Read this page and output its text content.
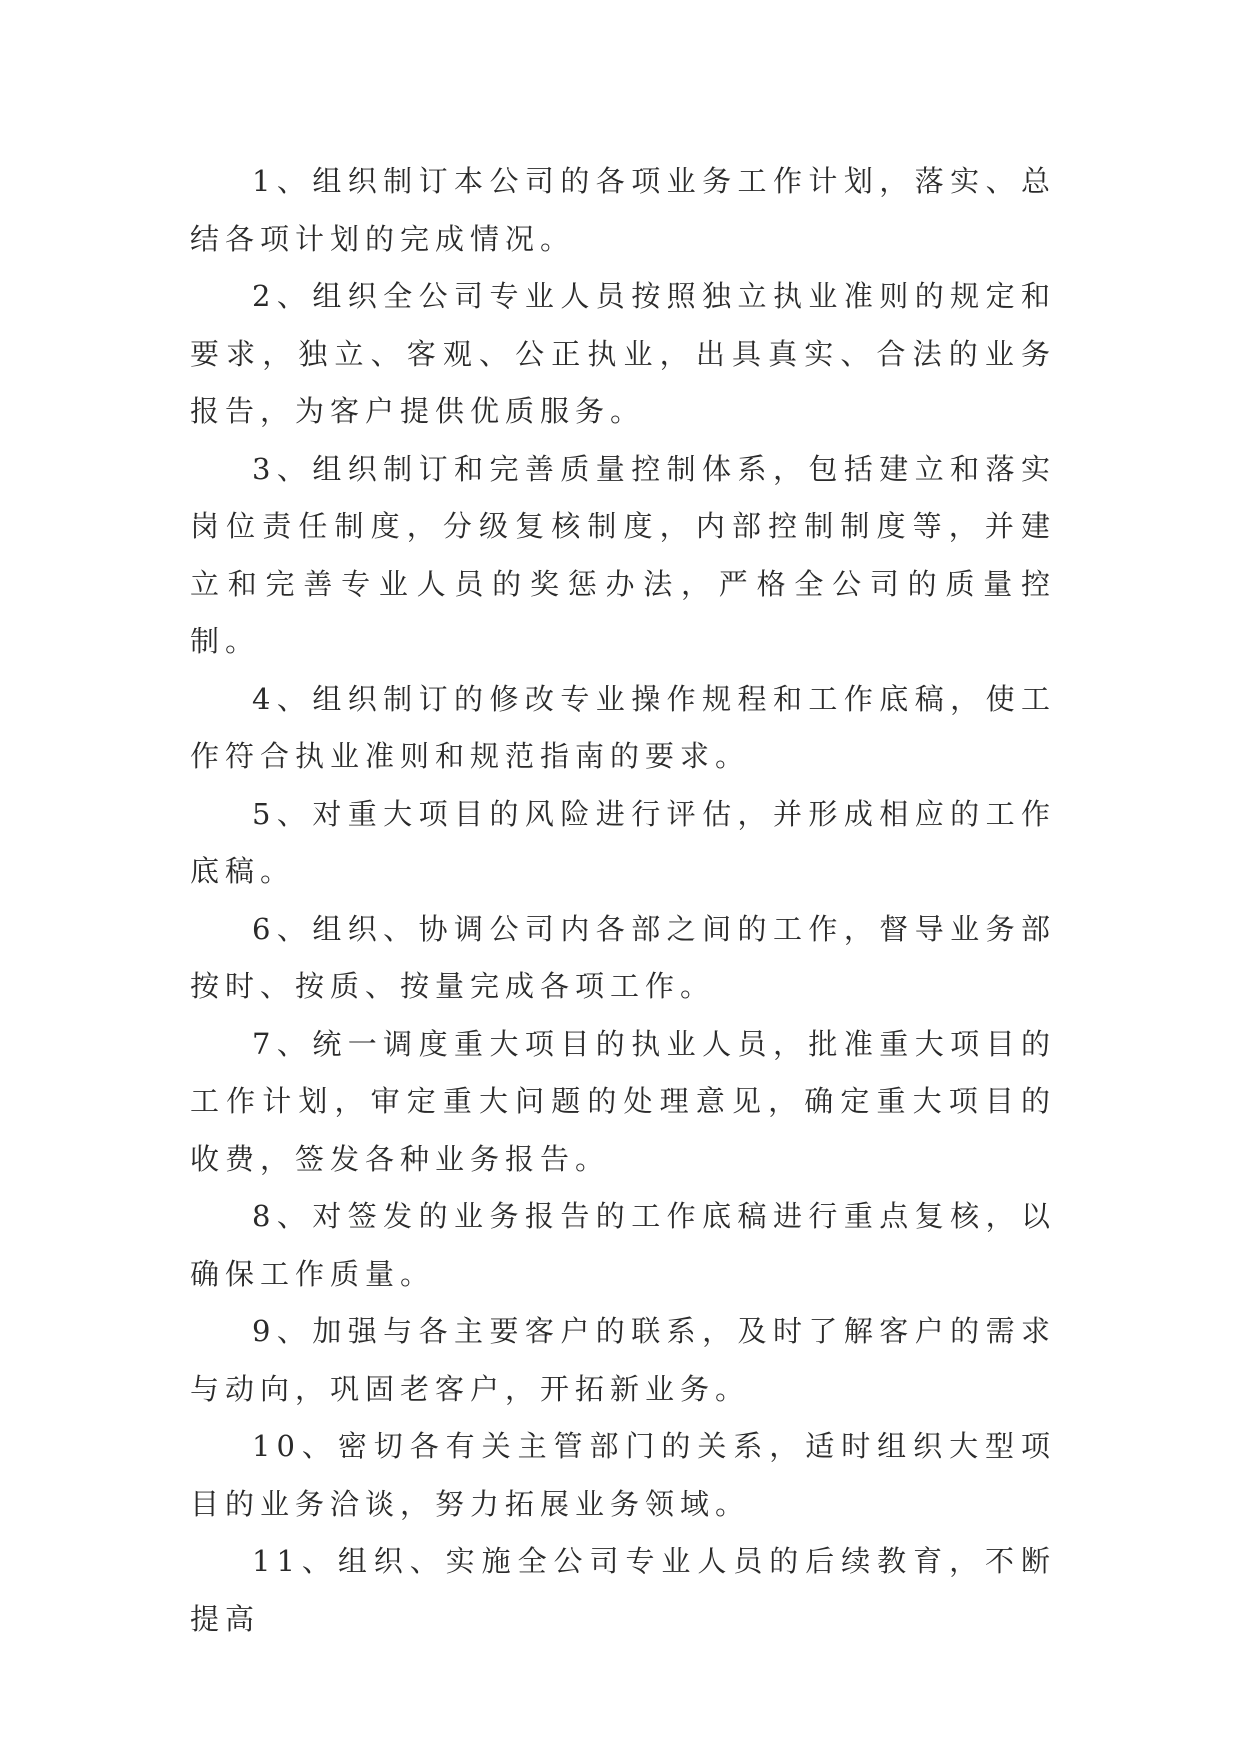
1、组织制订本公司的各项业务工作计划，落实、总结各项计划的完成情况。

2、组织全公司专业人员按照独立执业准则的规定和要求，独立、客观、公正执业，出具真实、合法的业务报告，为客户提供优质服务。

3、组织制订和完善质量控制体系，包括建立和落实岗位责任制度，分级复核制度，内部控制制度等，并建立和完善专业人员的奖惩办法，严格全公司的质量控制。

4、组织制订的修改专业操作规程和工作底稿，使工作符合执业准则和规范指南的要求。

5、对重大项目的风险进行评估，并形成相应的工作底稿。

6、组织、协调公司内各部之间的工作，督导业务部按时、按质、按量完成各项工作。

7、统一调度重大项目的执业人员，批准重大项目的工作计划，审定重大问题的处理意见，确定重大项目的收费，签发各种业务报告。

8、对签发的业务报告的工作底稿进行重点复核，以确保工作质量。

9、加强与各主要客户的联系，及时了解客户的需求与动向，巩固老客户，开拓新业务。

10、密切各有关主管部门的关系，适时组织大型项目的业务洽谈，努力拓展业务领域。

11、组织、实施全公司专业人员的后续教育，不断提高
